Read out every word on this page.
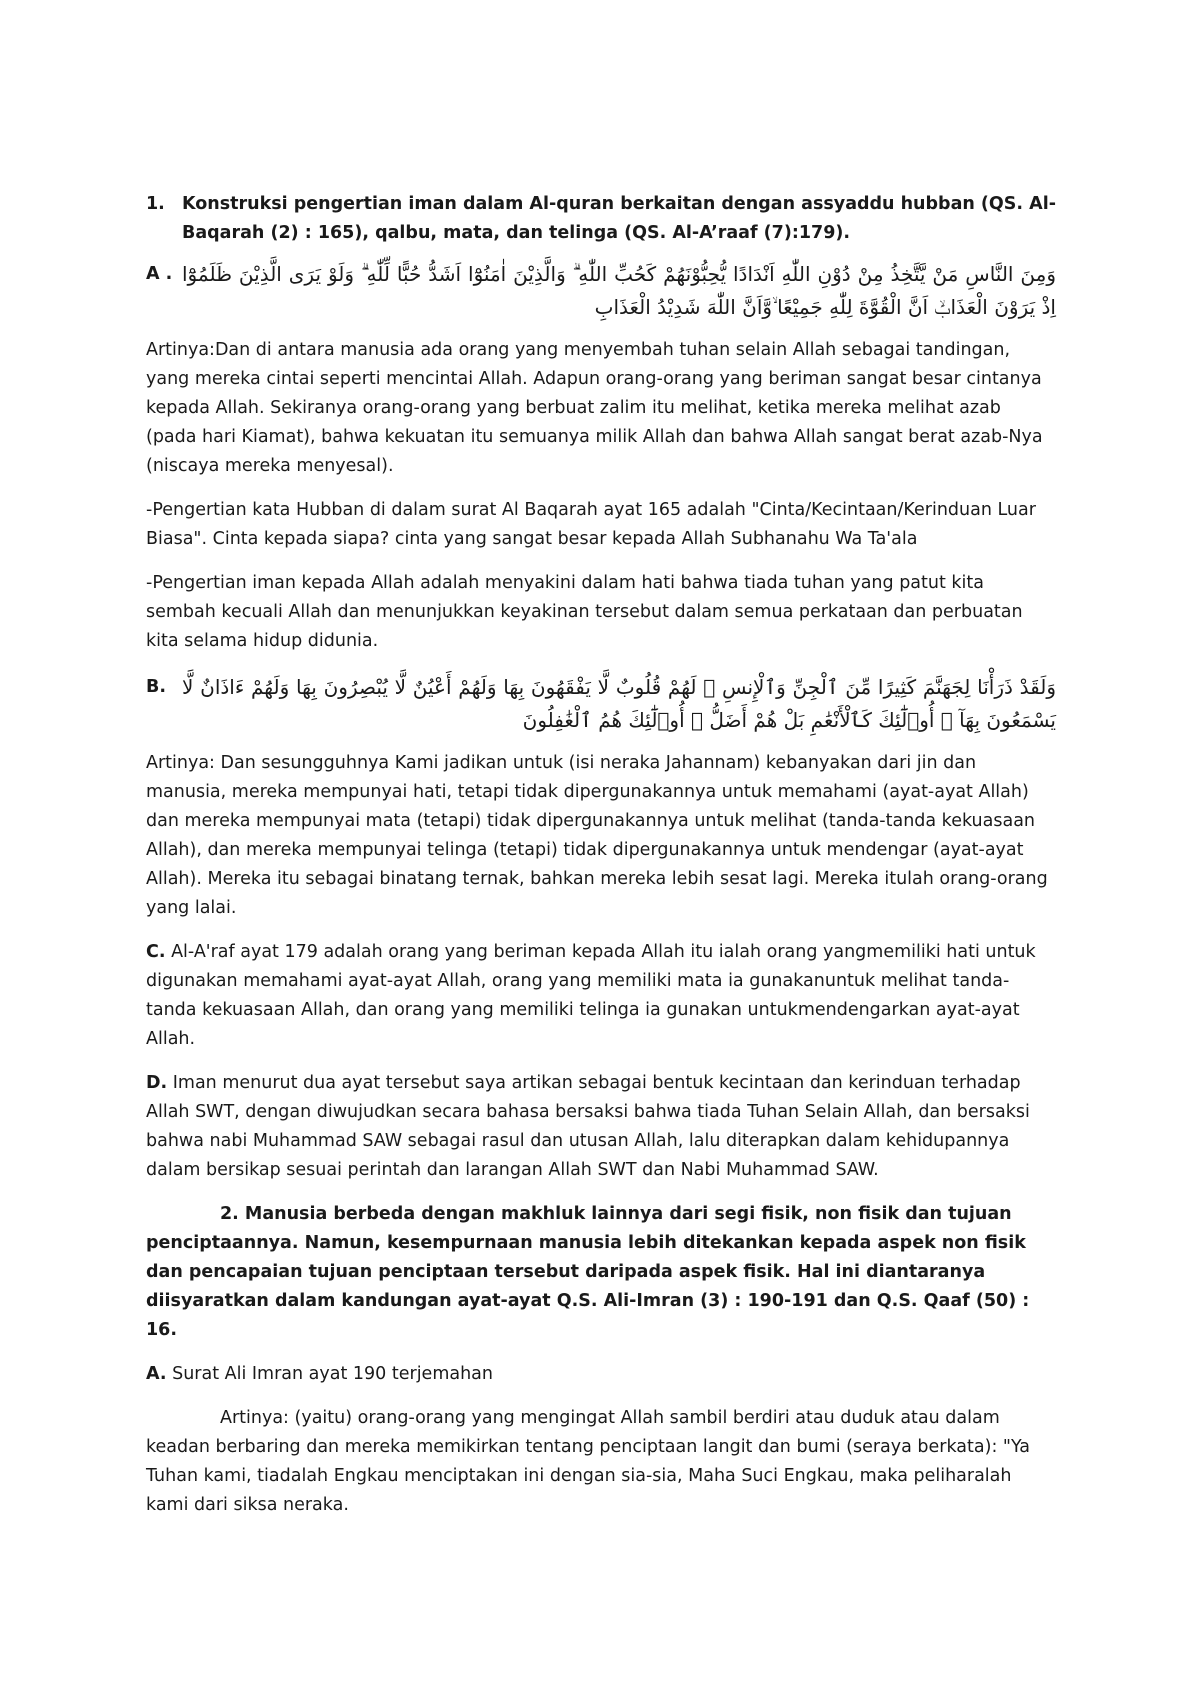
1. Konstruksi pengertian iman dalam Al-quran berkaitan dengan assyaddu hubban (QS. Al-Baqarah (2) : 165), qalbu, mata, dan telinga (QS. Al-A’raaf (7):179).
A . وَمِنَ النَّاسِ مَنْ يَّتَّخِذُ مِنْ دُوْنِ اللّٰهِ اَنْدَادًا يُّحِبُّوْنَهُمْ كَحُبِّ اللّٰهِ ۗ وَالَّذِيْنَ اٰمَنُوْٓا اَشَدُّ حُبًّا لِّلّٰهِ ۗ وَلَوْ يَرَى الَّذِيْنَ ظَلَمُوْٓا اِذْ يَرَوْنَ الْعَذَابَۙ اَنَّ الْقُوَّةَ لِلّٰهِ جَمِيْعًا ۙوَّاَنَّ اللّٰهَ شَدِيْدُ الْعَذَابِ

Artinya:Dan di antara manusia ada orang yang menyembah tuhan selain Allah sebagai tandingan, yang mereka cintai seperti mencintai Allah. Adapun orang-orang yang beriman sangat besar cintanya kepada Allah. Sekiranya orang-orang yang berbuat zalim itu melihat, ketika mereka melihat azab (pada hari Kiamat), bahwa kekuatan itu semuanya milik Allah dan bahwa Allah sangat berat azab-Nya (niscaya mereka menyesal).

-Pengertian kata Hubban di dalam surat Al Baqarah ayat 165 adalah "Cinta/Kecintaan/Kerinduan Luar Biasa". Cinta kepada siapa? cinta yang sangat besar kepada Allah Subhanahu Wa Ta'ala

-Pengertian iman kepada Allah adalah menyakini dalam hati bahwa tiada tuhan yang patut kita sembah kecuali Allah dan menunjukkan keyakinan tersebut dalam semua perkataan dan perbuatan kita selama hidup didunia.

B. وَلَقَدْ ذَرَأْنَا لِجَهَنَّمَ كَثِيرًا مِّنَ ٱلْجِنِّ وَٱلْإِنسِ ۖ لَهُمْ قُلُوبٌ لَّا يَفْقَهُونَ بِهَا وَلَهُمْ أَعْيُنٌ لَّا يُبْصِرُونَ بِهَا وَلَهُمْ ءَاذَانٌ لَّا يَسْمَعُونَ بِهَآ ۚ أُو۟لَٰٓئِكَ كَٱلْأَنْعَٰمِ بَلْ هُمْ أَضَلُّ ۚ أُو۟لَٰٓئِكَ هُمُ ٱلْغَٰفِلُونَ

Artinya: Dan sesungguhnya Kami jadikan untuk (isi neraka Jahannam) kebanyakan dari jin dan manusia, mereka mempunyai hati, tetapi tidak dipergunakannya untuk memahami (ayat-ayat Allah) dan mereka mempunyai mata (tetapi) tidak dipergunakannya untuk melihat (tanda-tanda kekuasaan Allah), dan mereka mempunyai telinga (tetapi) tidak dipergunakannya untuk mendengar (ayat-ayat Allah). Mereka itu sebagai binatang ternak, bahkan mereka lebih sesat lagi. Mereka itulah orang-orang yang lalai.

C. Al-A'raf ayat 179 adalah orang yang beriman kepada Allah itu ialah orang yangmemiliki hati untuk digunakan memahami ayat-ayat Allah, orang yang memiliki mata ia gunakanuntuk melihat tanda-tanda kekuasaan Allah, dan orang yang memiliki telinga ia gunakan untukmendengarkan ayat-ayat Allah.

D. Iman menurut dua ayat tersebut saya artikan sebagai bentuk kecintaan dan kerinduan terhadap Allah SWT, dengan diwujudkan secara bahasa bersaksi bahwa tiada Tuhan Selain Allah, dan bersaksi bahwa nabi Muhammad SAW sebagai rasul dan utusan Allah, lalu diterapkan dalam kehidupannya dalam bersikap sesuai perintah dan larangan Allah SWT dan Nabi Muhammad SAW.

2. Manusia berbeda dengan makhluk lainnya dari segi fisik, non fisik dan tujuan penciptaannya. Namun, kesempurnaan manusia lebih ditekankan kepada aspek non fisik dan pencapaian tujuan penciptaan tersebut daripada aspek fisik. Hal ini diantaranya diisyaratkan dalam kandungan ayat-ayat Q.S. Ali-Imran (3) : 190-191 dan Q.S. Qaaf (50) : 16.

A. Surat Ali Imran ayat 190 terjemahan

Artinya: (yaitu) orang-orang yang mengingat Allah sambil berdiri atau duduk atau dalam keadan berbaring dan mereka memikirkan tentang penciptaan langit dan bumi (seraya berkata): "Ya Tuhan kami, tiadalah Engkau menciptakan ini dengan sia-sia, Maha Suci Engkau, maka peliharalah kami dari siksa neraka.
